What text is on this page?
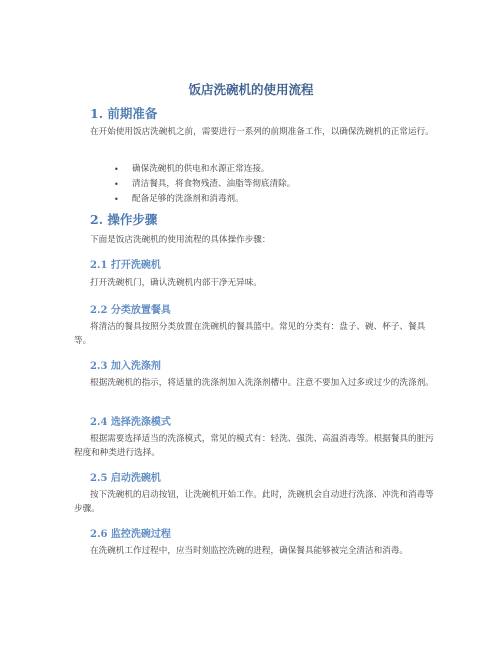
饭店洗碗机的使用流程
1. 前期准备
在开始使用饭店洗碗机之前，需要进行一系列的前期准备工作，以确保洗碗机的正常运行。
• 确保洗碗机的供电和水源正常连接。
• 清洁餐具，将食物残渣、油脂等彻底清除。
• 配备足够的洗涤剂和消毒剂。
2. 操作步骤
下面是饭店洗碗机的使用流程的具体操作步骤：
2.1 打开洗碗机
打开洗碗机门，确认洗碗机内部干净无异味。
2.2 分类放置餐具
将清洁的餐具按照分类放置在洗碗机的餐具篮中。常见的分类有：盘子、碗、杯子、餐具等。
2.3 加入洗涤剂
根据洗碗机的指示，将适量的洗涤剂加入洗涤剂槽中。注意不要加入过多或过少的洗涤剂。
2.4 选择洗涤模式
根据需要选择适当的洗涤模式，常见的模式有：轻洗、强洗、高温消毒等。根据餐具的脏污程度和种类进行选择。
2.5 启动洗碗机
按下洗碗机的启动按钮，让洗碗机开始工作。此时，洗碗机会自动进行洗涤、冲洗和消毒等步骤。
2.6 监控洗碗过程
在洗碗机工作过程中，应当时刻监控洗碗的进程，确保餐具能够被完全清洁和消毒。
